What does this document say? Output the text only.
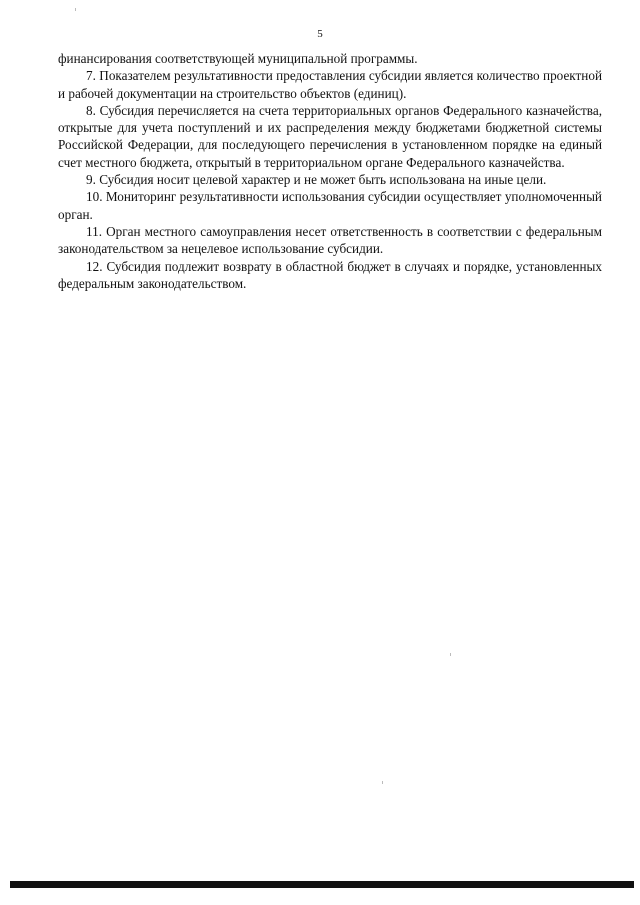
5

финансирования соответствующей муниципальной программы.

7. Показателем результативности предоставления субсидии является количество проектной и рабочей документации на строительство объектов (единиц).

8. Субсидия перечисляется на счета территориальных органов Федерального казначейства, открытые для учета поступлений и их распределения между бюджетами бюджетной системы Российской Федерации, для последующего перечисления в установленном порядке на единый счет местного бюджета, открытый в территориальном органе Федерального казначейства.

9. Субсидия носит целевой характер и не может быть использована на иные цели.

10. Мониторинг результативности использования субсидии осуществляет уполномоченный орган.

11. Орган местного самоуправления несет ответственность в соответствии с федеральным законодательством за нецелевое использование субсидии.

12. Субсидия подлежит возврату в областной бюджет в случаях и порядке, установленных федеральным законодательством.
